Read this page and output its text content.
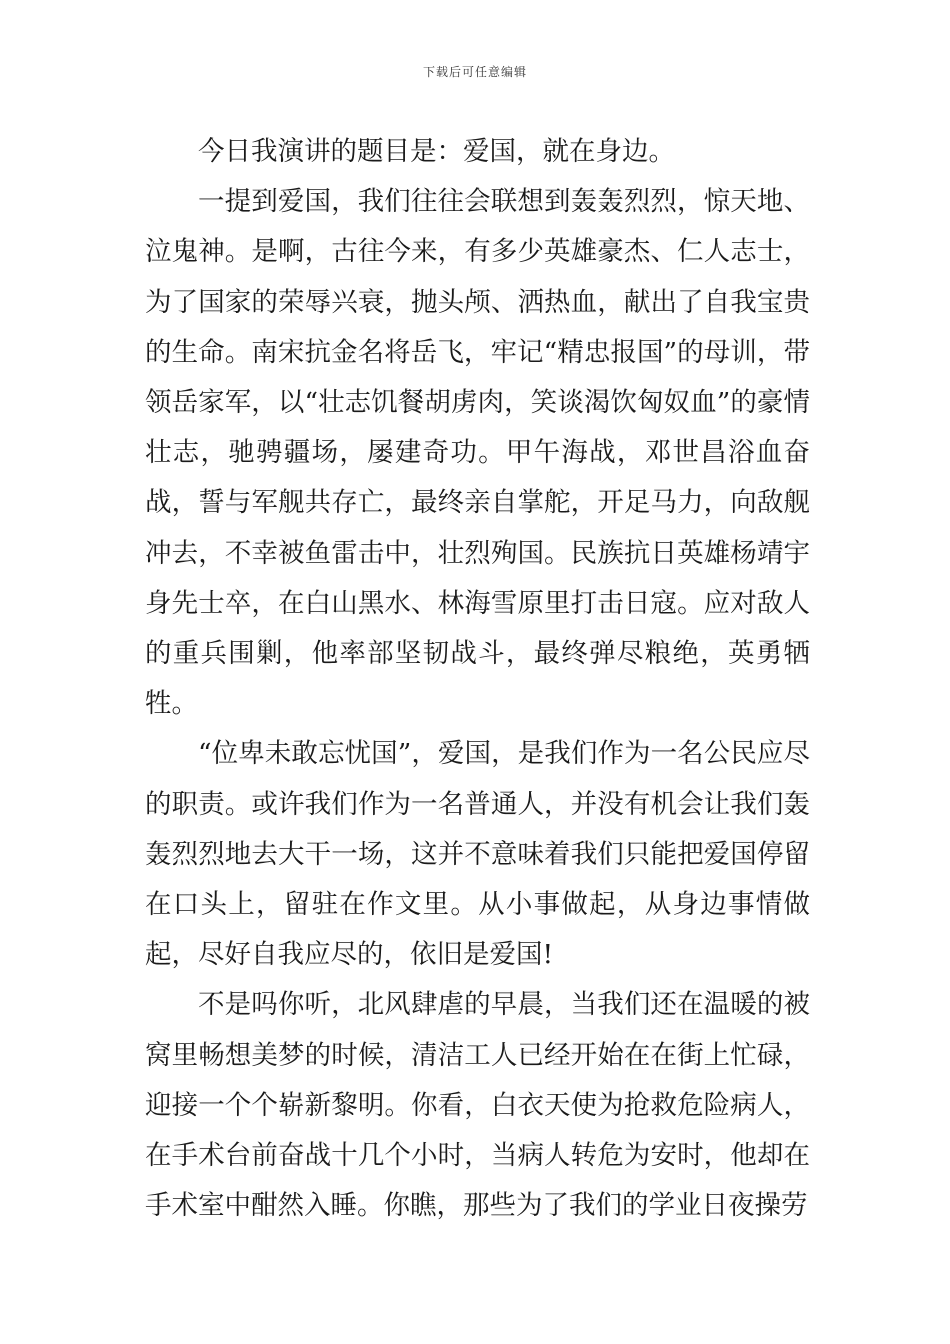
下载后可任意编辑

今日我演讲的题目是：爱国，就在身边。

一提到爱国，我们往往会联想到轰轰烈烈，惊天地、泣鬼神。是啊，古往今来，有多少英雄豪杰、仁人志士，为了国家的荣辱兴衰，抛头颅、洒热血，献出了自我宝贵的生命。南宋抗金名将岳飞，牢记“精忠报国”的母训，带领岳家军，以“壮志饥餐胡虏肉，笑谈渴饮匈奴血”的豪情壮志，驰骋疆场，屡建奇功。甲午海战，邓世昌浴血奋战，誓与军舰共存亡，最终亲自掌舵，开足马力，向敌舰冲去，不幸被鱼雷击中，壮烈殉国。民族抗日英雄杨靖宇身先士卒，在白山黑水、林海雪原里打击日寇。应对敌人的重兵围剿，他率部坚韧战斗，最终弹尽粮绝，英勇牺牲。

“位卑未敢忘忧国”，爱国，是我们作为一名公民应尽的职责。或许我们作为一名普通人，并没有机会让我们轰轰烈烈地去大干一场，这并不意味着我们只能把爱国停留在口头上，留驻在作文里。从小事做起，从身边事情做起，尽好自我应尽的，依旧是爱国!

不是吗你听，北风肆虐的早晨，当我们还在温暖的被窝里畅想美梦的时候，清洁工人已经开始在在街上忙碌，迎接一个个崭新黎明。你看，白衣天使为抢救危险病人，在手术台前奋战十几个小时，当病人转危为安时，他却在手术室中酣然入睡。你瞧，那些为了我们的学业日夜操劳
